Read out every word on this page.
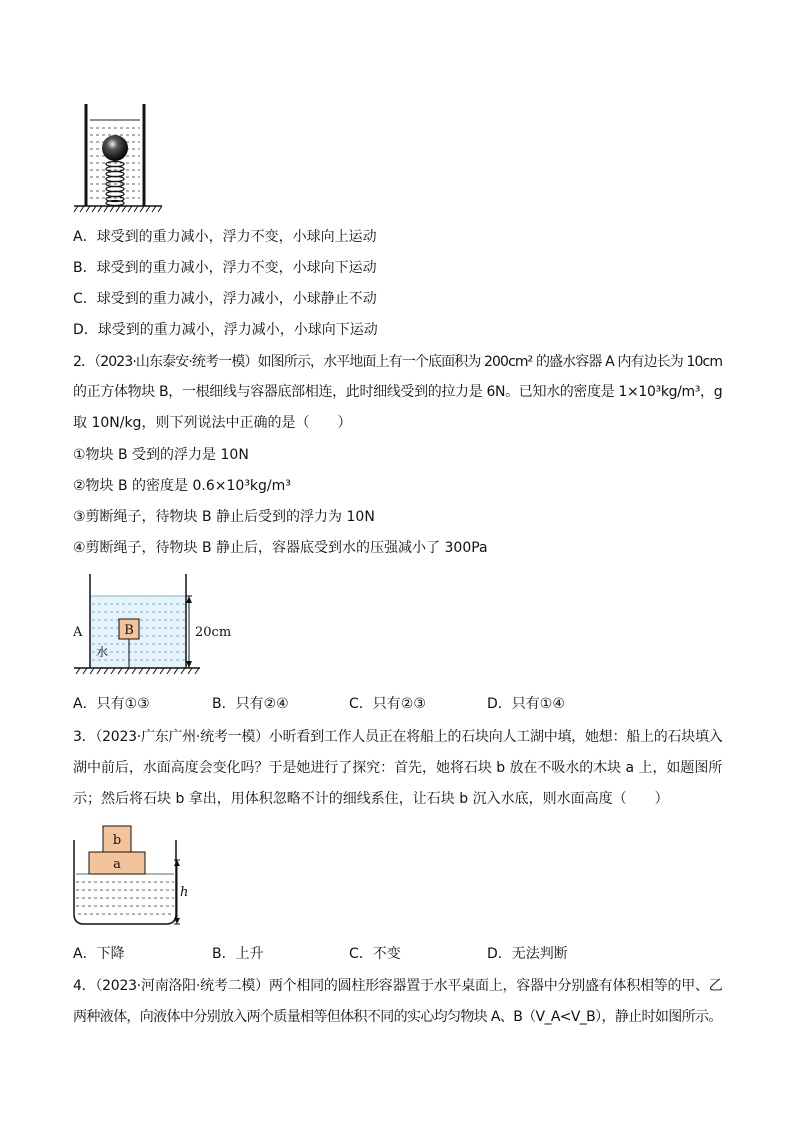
A．球受到的重力减小，浮力不变，小球向上运动
B．球受到的重力减小，浮力不变，小球向下运动
C．球受到的重力减小，浮力减小，小球静止不动
D．球受到的重力减小，浮力减小，小球向下运动
2．（2023·山东泰安·统考一模）如图所示，水平地面上有一个底面积为 200cm² 的盛水容器 A 内有边长为 10cm
的正方体物块 B，一根细线与容器底部相连，此时细线受到的拉力是 6N。已知水的密度是 1×10³kg/m³，g
取 10N/kg，则下列说法中正确的是（　　）
①物块 B 受到的浮力是 10N
②物块 B 的密度是 0.6×10³kg/m³
③剪断绳子，待物块 B 静止后受到的浮力为 10N
④剪断绳子，待物块 B 静止后，容器底受到水的压强减小了 300Pa
B
A
水
20cm
A．只有①③	B．只有②④	C．只有②③	D．只有①④
3．（2023·广东广州·统考一模）小昕看到工作人员正在将船上的石块向人工湖中填，她想：船上的石块填入
湖中前后，水面高度会变化吗？于是她进行了探究：首先，她将石块 b 放在不吸水的木块 a 上，如题图所
示；然后将石块 b 拿出，用体积忽略不计的细线系住，让石块 b 沉入水底，则水面高度（　　）
a
b
h
A．下降	B．上升	C．不变	D．无法判断
4．（2023·河南洛阳·统考二模）两个相同的圆柱形容器置于水平桌面上，容器中分别盛有体积相等的甲、乙
两种液体，向液体中分别放入两个质量相等但体积不同的实心均匀物块 A、B（V_A<V_B），静止时如图所示。
